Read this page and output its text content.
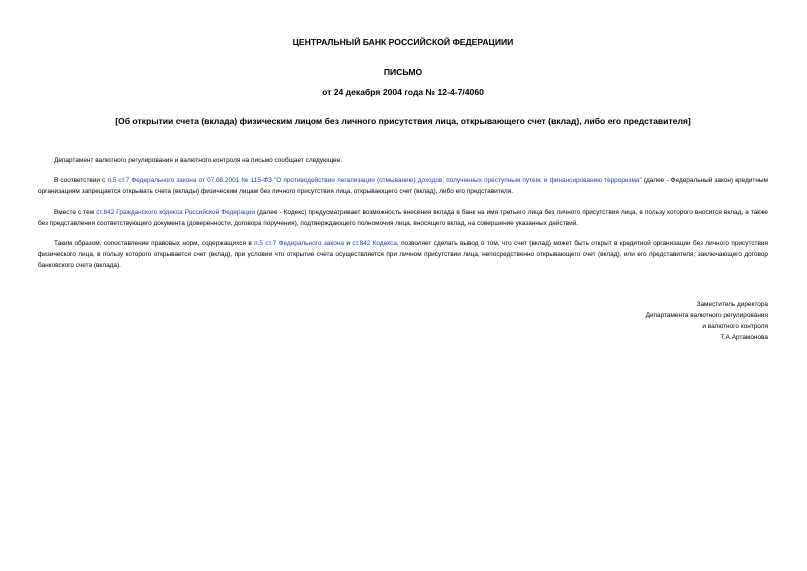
ЦЕНТРАЛЬНЫЙ БАНК РОССИЙСКОЙ ФЕДЕРАЦИИИ
ПИСЬМО
от 24 декабря 2004 года № 12-4-7/4060
[Об открытии счета (вклада) физическим лицом без личного присутствия лица, открывающего счет (вклад), либо его представителя]
Департамент валютного регулирования и валютного контроля на письмо сообщает следующее.
В соответствии с п.5 ст.7 Федерального закона от 07.08.2001 № 115-ФЗ "О противодействии легализации (отмыванию) доходов, полученных преступным путем, и финансированию терроризма" (далее - Федеральный закон) кредитным организациям запрещается открывать счета (вклады) физическим лицам без личного присутствия лица, открывающего счет (вклад), либо его представителя.
Вместе с тем ст.842 Гражданского кодекса Российской Федерации (далее - Кодекс) предусматривает возможность внесения вклада в банк на имя третьего лица без личного присутствия лица, в пользу которого вносится вклад, а также без представления соответствующего документа (доверенности, договора поручения), подтверждающего полномочия лица, вносящего вклад, на совершение указанных действий.
Таким образом, сопоставление правовых норм, содержащихся в п.5 ст.7 Федерального закона и ст.842 Кодекса, позволяет сделать вывод о том, что счет (вклад) может быть открыт в кредитной организации без личного присутствия физического лица, в пользу которого открывается счет (вклад), при условии что открытие счета осуществляется при личном присутствии лица, непосредственно открывающего счет (вклад), или его представителя, заключающего договор банковского счета (вклада).
Заместитель директора
Департамента валютного регулирования
и валютного контроля
Т.А.Артамонова
